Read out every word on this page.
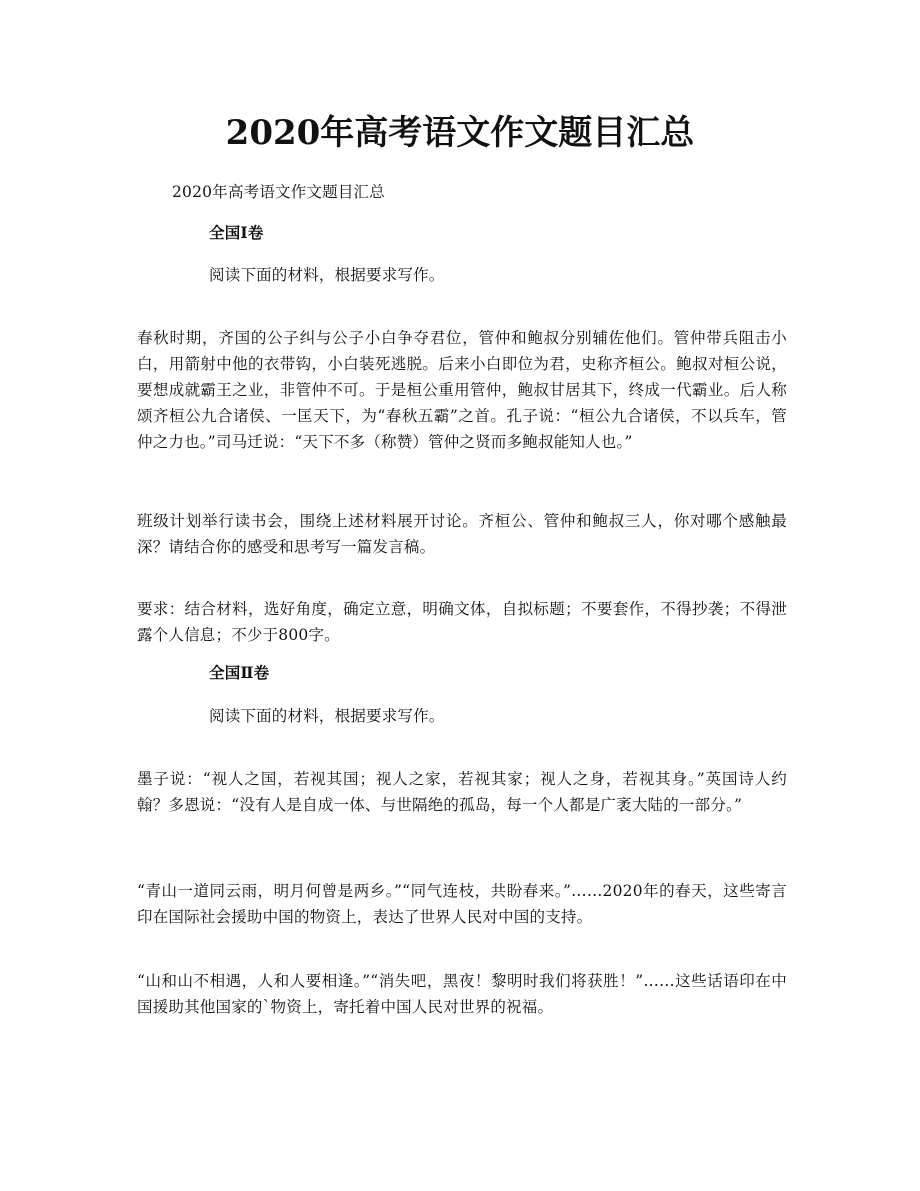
2020年高考语文作文题目汇总

2020年高考语文作文题目汇总

全国Ⅰ卷

阅读下面的材料，根据要求写作。

春秋时期，齐国的公子纠与公子小白争夺君位，管仲和鲍叔分别辅佐他们。管仲带兵阻击小白，用箭射中他的衣带钩，小白装死逃脱。后来小白即位为君，史称齐桓公。鲍叔对桓公说，要想成就霸王之业，非管仲不可。于是桓公重用管仲，鲍叔甘居其下，终成一代霸业。后人称颂齐桓公九合诸侯、一匡天下，为“春秋五霸”之首。孔子说：“桓公九合诸侯，不以兵车，管仲之力也。”司马迁说：“天下不多（称赞）管仲之贤而多鲍叔能知人也。”

班级计划举行读书会，围绕上述材料展开讨论。齐桓公、管仲和鲍叔三人，你对哪个感触最深？请结合你的感受和思考写一篇发言稿。

要求：结合材料，选好角度，确定立意，明确文体，自拟标题；不要套作，不得抄袭；不得泄露个人信息；不少于800字。

全国Ⅱ卷

阅读下面的材料，根据要求写作。

墨子说：“视人之国，若视其国；视人之家，若视其家；视人之身，若视其身。”英国诗人约翰？多恩说：“没有人是自成一体、与世隔绝的孤岛，每一个人都是广袤大陆的一部分。”

“青山一道同云雨，明月何曾是两乡。”“同气连枝，共盼春来。”……2020年的春天，这些寄言印在国际社会援助中国的物资上，表达了世界人民对中国的支持。

“山和山不相遇，人和人要相逢。”“消失吧，黑夜！黎明时我们将获胜！”……这些话语印在中国援助其他国家的`物资上，寄托着中国人民对世界的祝福。
